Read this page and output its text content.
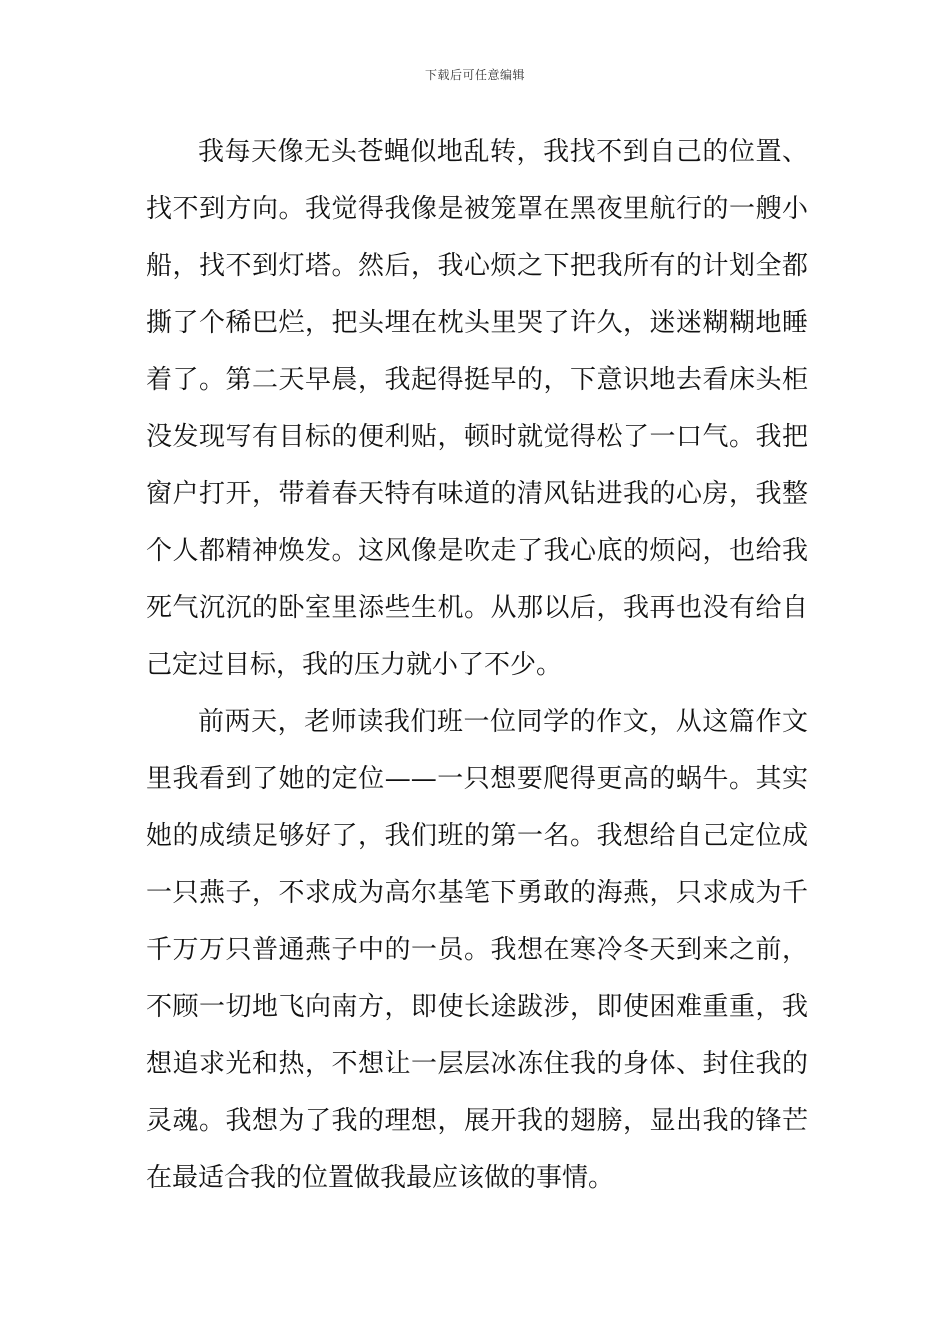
下载后可任意编辑
我每天像无头苍蝇似地乱转，我找不到自己的位置、
找不到方向。我觉得我像是被笼罩在黑夜里航行的一艘小
船，找不到灯塔。然后，我心烦之下把我所有的计划全都
撕了个稀巴烂，把头埋在枕头里哭了许久，迷迷糊糊地睡
着了。第二天早晨，我起得挺早的，下意识地去看床头柜
没发现写有目标的便利贴，顿时就觉得松了一口气。我把
窗户打开，带着春天特有味道的清风钻进我的心房，我整
个人都精神焕发。这风像是吹走了我心底的烦闷，也给我
死气沉沉的卧室里添些生机。从那以后，我再也没有给自
己定过目标，我的压力就小了不少。
前两天，老师读我们班一位同学的作文，从这篇作文
里我看到了她的定位——一只想要爬得更高的蜗牛。其实
她的成绩足够好了，我们班的第一名。我想给自己定位成
一只燕子，不求成为高尔基笔下勇敢的海燕，只求成为千
千万万只普通燕子中的一员。我想在寒冷冬天到来之前，
不顾一切地飞向南方，即使长途跋涉，即使困难重重，我
想追求光和热，不想让一层层冰冻住我的身体、封住我的
灵魂。我想为了我的理想，展开我的翅膀，显出我的锋芒
在最适合我的位置做我最应该做的事情。
